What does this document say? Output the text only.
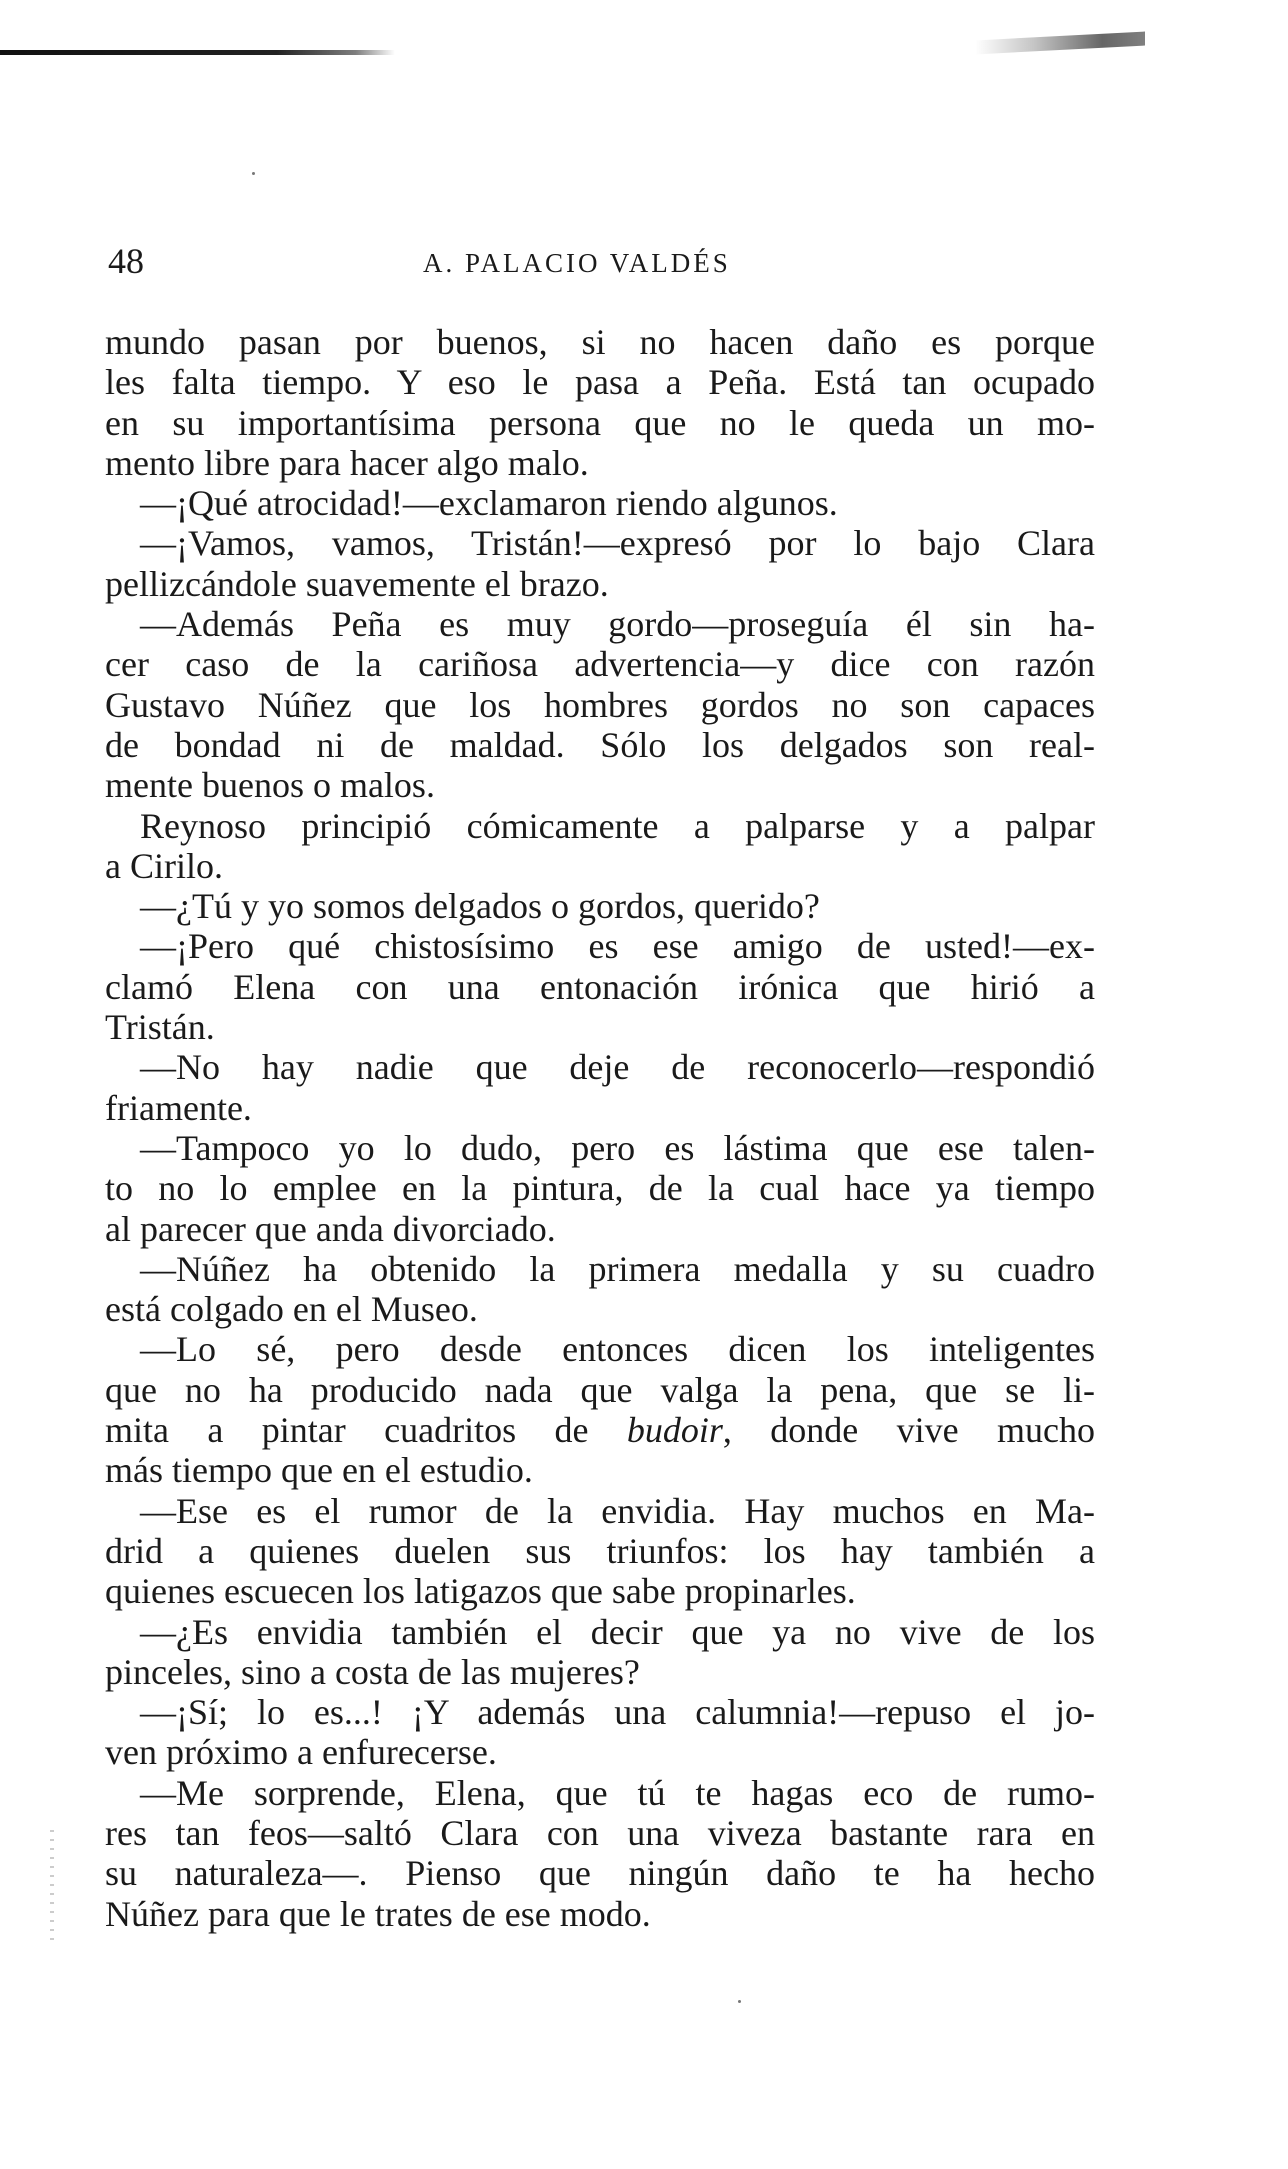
48	A. PALACIO VALDÉS
mundo pasan por buenos, si no hacen daño es porque
les falta tiempo. Y eso le pasa a Peña. Está tan ocupado
en su importantísima persona que no le queda un mo-
mento libre para hacer algo malo.
—¡Qué atrocidad!—exclamaron riendo algunos.
—¡Vamos, vamos, Tristán!—expresó por lo bajo Clara
pellizcándole suavemente el brazo.
—Además Peña es muy gordo—proseguía él sin ha-
cer caso de la cariñosa advertencia—y dice con razón
Gustavo Núñez que los hombres gordos no son capaces
de bondad ni de maldad. Sólo los delgados son real-
mente buenos o malos.
Reynoso principió cómicamente a palparse y a palpar
a Cirilo.
—¿Tú y yo somos delgados o gordos, querido?
—¡Pero qué chistosísimo es ese amigo de usted!—ex-
clamó Elena con una entonación irónica que hirió a
Tristán.
—No hay nadie que deje de reconocerlo—respondió
friamente.
—Tampoco yo lo dudo, pero es lástima que ese talen-
to no lo emplee en la pintura, de la cual hace ya tiempo
al parecer que anda divorciado.
—Núñez ha obtenido la primera medalla y su cuadro
está colgado en el Museo.
—Lo sé, pero desde entonces dicen los inteligentes
que no ha producido nada que valga la pena, que se li-
mita a pintar cuadritos de budoir, donde vive mucho
más tiempo que en el estudio.
—Ese es el rumor de la envidia. Hay muchos en Ma-
drid a quienes duelen sus triunfos: los hay también a
quienes escuecen los latigazos que sabe propinarles.
—¿Es envidia también el decir que ya no vive de los
pinceles, sino a costa de las mujeres?
—¡Sí; lo es...! ¡Y además una calumnia!—repuso el jo-
ven próximo a enfurecerse.
—Me sorprende, Elena, que tú te hagas eco de rumo-
res tan feos—saltó Clara con una viveza bastante rara en
su naturaleza—. Pienso que ningún daño te ha hecho
Núñez para que le trates de ese modo.
